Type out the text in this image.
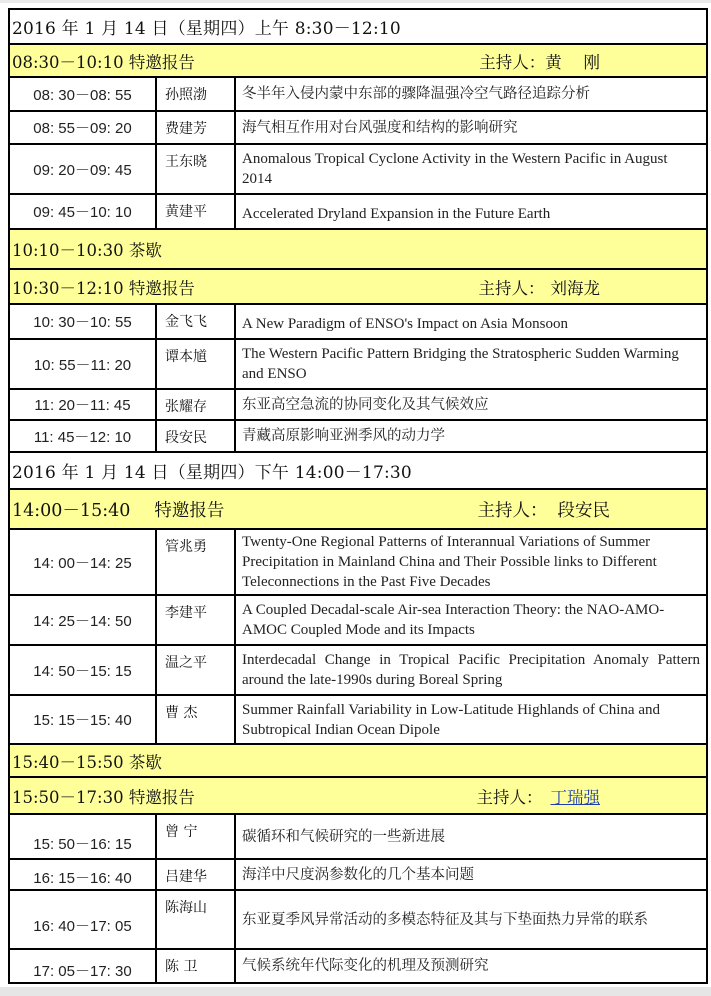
2016 年 1 月 14 日（星期四）上午 8:30－12:10		

08:30－10:10 特邀报告 主持人： 黄　 刚		

08: 30－08: 55	孙照渤	冬半年入侵内蒙中东部的骤降温强冷空气路径追踪分析
08: 55－09: 20	费建芳	海气相互作用对台风强度和结构的影响研究
09: 20－09: 45	王东晓	Anomalous Tropical Cyclone Activity in the Western Pacific in August 2014
09: 45－10: 10	黄建平	Accelerated Dryland Expansion in the Future Earth
10:10－10:30 茶歇		

10:30－12:10 特邀报告 主持人： 刘海龙		

10: 30－10: 55	金飞飞	A New Paradigm of ENSO's Impact on Asia Monsoon
10: 55－11: 20	谭本馗	The Western Pacific Pattern Bridging the Stratospheric Sudden Warming and ENSO
11: 20－11: 45	张耀存	东亚高空急流的协同变化及其气候效应
11: 45－12: 10	段安民	青藏高原影响亚洲季风的动力学
2016 年 1 月 14 日（星期四）下午 14:00－17:30		

14:00－15:40 特邀报告 主持人： 段安民		

14: 00－14: 25	管兆勇	Twenty-One Regional Patterns of Interannual Variations of Summer Precipitation in Mainland China and Their Possible links to Different Teleconnections in the Past Five Decades
14: 25－14: 50	李建平	A Coupled Decadal-scale Air-sea Interaction Theory: the NAO-AMO-AMOC Coupled Mode and its Impacts
14: 50－15: 15	温之平	Interdecadal Change in Tropical Pacific Precipitation Anomaly Pattern around the late-1990s during Boreal Spring
15: 15－15: 40	曹 杰	Summer Rainfall Variability in Low-Latitude Highlands of China and Subtropical Indian Ocean Dipole
15:40－15:50 茶歇		

15:50－17:30 特邀报告 主持人： 丁瑞强		

15: 50－16: 15	曾 宁	碳循环和气候研究的一些新进展
16: 15－16: 40	吕建华	海洋中尺度涡参数化的几个基本问题
16: 40－17: 05	陈海山	东亚夏季风异常活动的多模态特征及其与下垫面热力异常的联系
17: 05－17: 30	陈 卫	气候系统年代际变化的机理及预测研究
